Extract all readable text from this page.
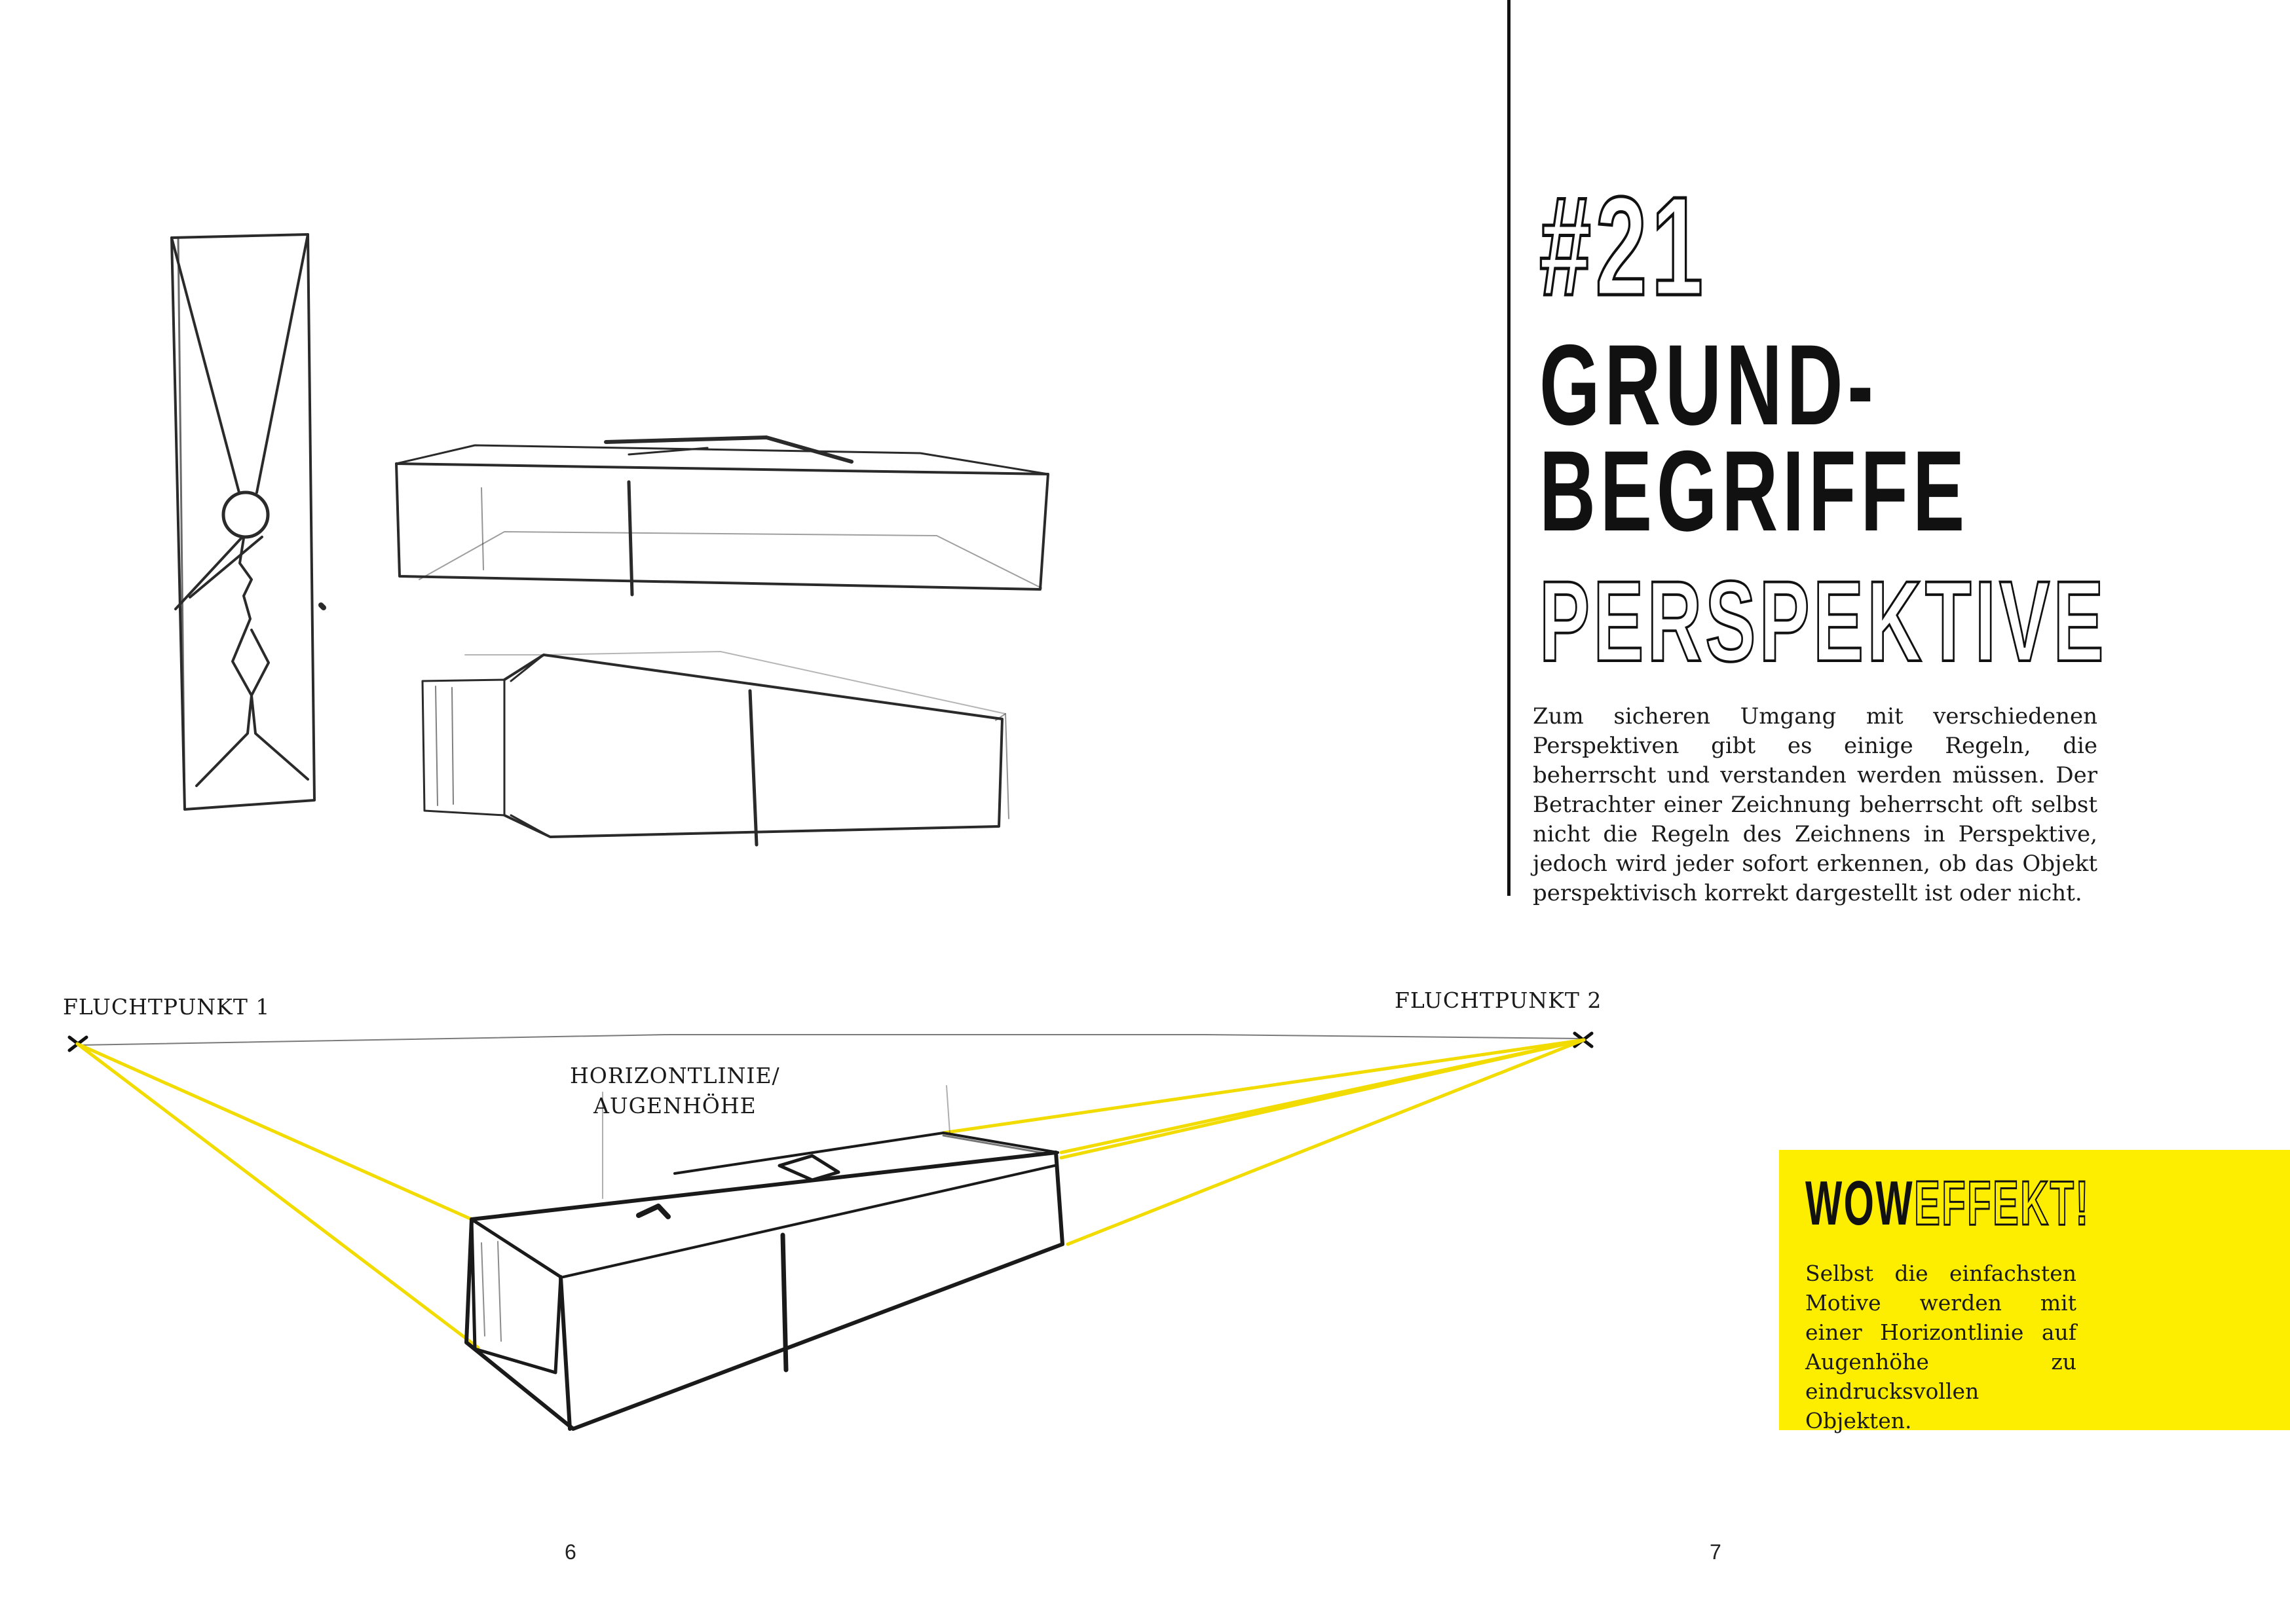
#21
GRUND-
BEGRIFFE
PERSPEKTIVE
Zum sicheren Umgang mit verschiedenen Perspektiven gibt es einige Regeln, die beherrscht und verstanden werden müssen. Der Betrachter einer Zeichnung beherrscht oft selbst nicht die Regeln des Zeichnens in Perspektive, jedoch wird jeder sofort erkennen, ob das Objekt perspektivisch korrekt dargestellt ist oder nicht.
FLUCHTPUNKT 1	FLUCHTPUNKT 2
HORIZONTLINIE/
AUGENHÖHE
WOWEFFEKT!
Selbst die einfachsten Motive werden mit einer Horizontlinie auf Augenhöhe zu eindrucksvollen Objekten.
6	7
